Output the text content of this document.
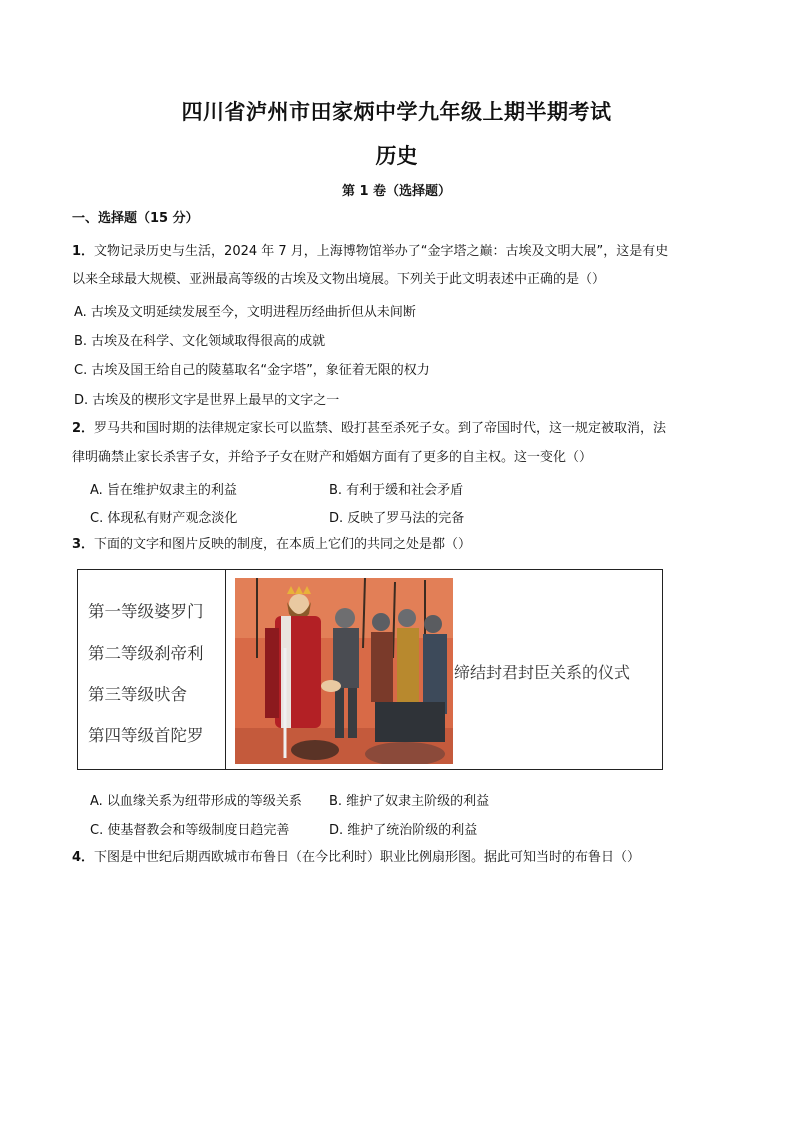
四川省泸州市田家炳中学九年级上期半期考试
历史
第 1 卷（选择题）
一、选择题（15 分）
1．文物记录历史与生活，2024 年 7 月，上海博物馆举办了“金字塔之巅：古埃及文明大展”，这是有史
以来全球最大规模、亚洲最高等级的古埃及文物出境展。下列关于此文明表述中正确的是（）
A. 古埃及文明延续发展至今，文明进程历经曲折但从未间断
B. 古埃及在科学、文化领域取得很高的成就
C. 古埃及国王给自己的陵墓取名“金字塔”，象征着无限的权力
D. 古埃及的楔形文字是世界上最早的文字之一
2．罗马共和国时期的法律规定家长可以监禁、殴打甚至杀死子女。到了帝国时代，这一规定被取消，法
律明确禁止家长杀害子女，并给予子女在财产和婚姻方面有了更多的自主权。这一变化（）
A. 旨在维护奴隶主的利益	B. 有利于缓和社会矛盾
C. 体现私有财产观念淡化	D. 反映了罗马法的完备
3．下面的文字和图片反映的制度，在本质上它们的共同之处是都（）
第一等级婆罗门
第二等级刹帝利
第三等级吠舍
第四等级首陀罗
缔结封君封臣关系的仪式
A. 以血缘关系为纽带形成的等级关系 B. 维护了奴隶主阶级的利益
C. 使基督教会和等级制度日趋完善	D. 维护了统治阶级的利益
4．下图是中世纪后期西欧城市布鲁日（在今比利时）职业比例扇形图。据此可知当时的布鲁日（）
